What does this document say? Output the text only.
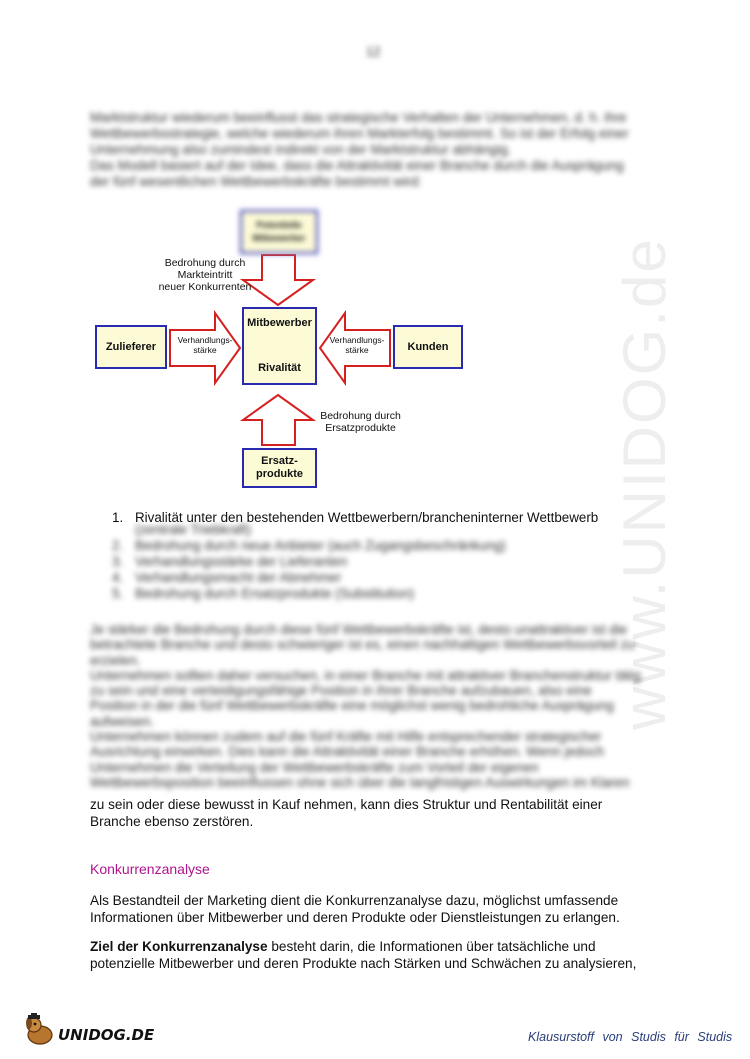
www.UNIDOG.de
12
Marktstruktur wiederum beeinflusst das strategische Verhalten der Unternehmen, d. h. ihre
Wettbewerbsstrategie, welche wiederum ihren Markterfolg bestimmt. So ist der Erfolg einer
Unternehmung also zumindest indirekt von der Marktstruktur abhängig.
Das Modell basiert auf der Idee, dass die Attraktivität einer Branche durch die Ausprägung
der fünf wesentlichen Wettbewerbskräfte bestimmt wird:
Potentielle
Mitbewerber
Mitbewerber
Rivalität
Zulieferer	Kunden
Ersatz-
produkte
Bedrohung durch
Markteintritt
neuer Konkurrenten
Verhandlungs-
stärke
Verhandlungs-
stärke
Bedrohung durch
Ersatzprodukte
1. Rivalität unter den bestehenden Wettbewerbern/brancheninterner Wettbewerb
(zentrale Triebkraft)
2. Bedrohung durch neue Anbieter (auch Zugangsbeschränkung)
3. Verhandlungsstärke der Lieferanten
4. Verhandlungsmacht der Abnehmer
5. Bedrohung durch Ersatzprodukte (Substitution)
Je stärker die Bedrohung durch diese fünf Wettbewerbskräfte ist, desto unattraktiver ist die
betrachtete Branche und desto schwieriger ist es, einen nachhaltigen Wettbewerbsvorteil zu
erzielen.
Unternehmen sollten daher versuchen, in einer Branche mit attraktiver Branchenstruktur tätig
zu sein und eine verteidigungsfähige Position in ihrer Branche aufzubauen, also eine
Position in der die fünf Wettbewerbskräfte eine möglichst wenig bedrohliche Ausprägung
aufweisen.
Unternehmen können zudem auf die fünf Kräfte mit Hilfe entsprechender strategischer
Ausrichtung einwirken. Dies kann die Attraktivität einer Branche erhöhen. Wenn jedoch
Unternehmen die Verteilung der Wettbewerbskräfte zum Vorteil der eigenen
Wettbewerbsposition beeinflussen ohne sich über die langfristigen Auswirkungen im Klaren
zu sein oder diese bewusst in Kauf nehmen, kann dies Struktur und Rentabilität einer
Branche ebenso zerstören.
Konkurrenzanalyse
Als Bestandteil der Marketing dient die Konkurrenzanalyse dazu, möglichst umfassende
Informationen über Mitbewerber und deren Produkte oder Dienstleistungen zu erlangen.
Ziel der Konkurrenzanalyse besteht darin, die Informationen über tatsächliche und
potenzielle Mitbewerber und deren Produkte nach Stärken und Schwächen zu analysieren,
UNIDOG.DE	Klausurstoff von Studis für Studis
